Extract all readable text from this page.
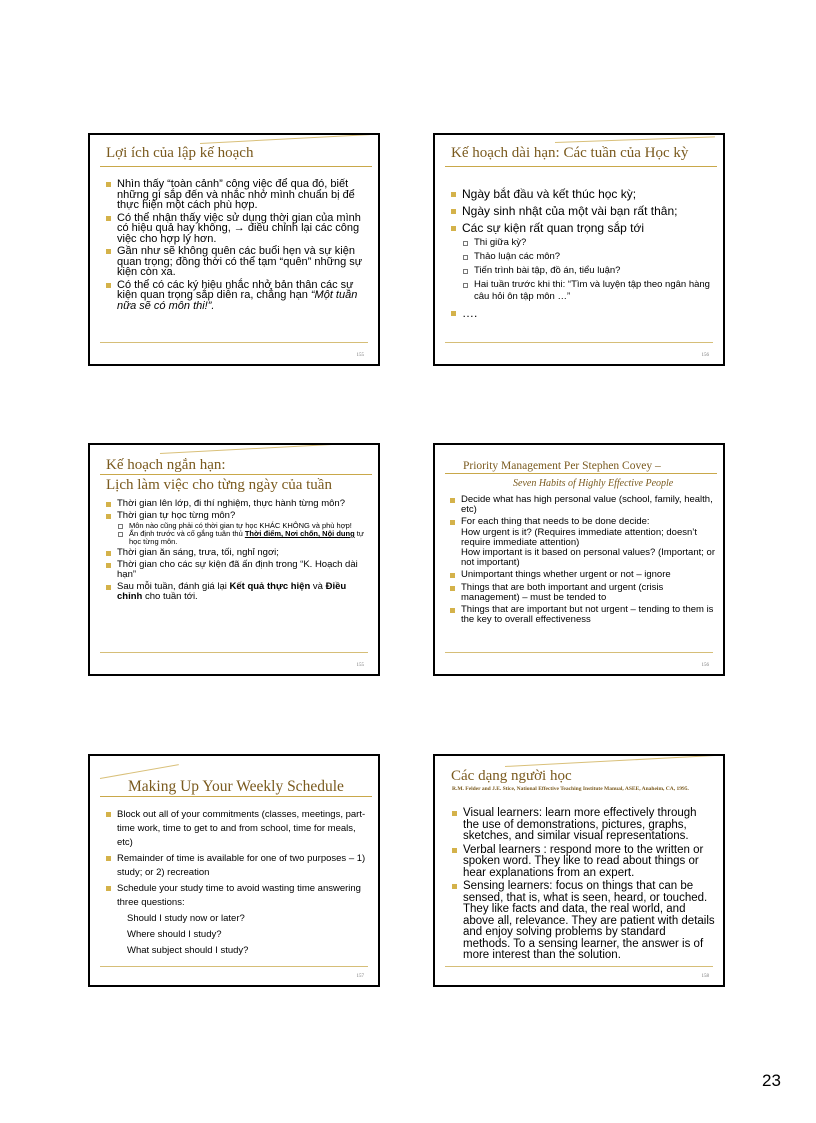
Lợi ích của lập kế hoạch
Nhìn thấy “toàn cảnh” công việc để qua đó, biết những gì sắp đến và nhắc nhở mình chuẩn bị để thực hiện một cách phù hợp.
Có thể nhận thấy việc sử dụng thời gian của mình có hiệu quả hay không, → điều chỉnh lại các công việc cho hợp lý hơn.
Gần như sẽ không quên các buổi hẹn và sự kiện quan trọng; đồng thời có thể tạm “quên” những sự kiện còn xa.
Có thể có các ký hiệu nhắc nhở bản thân các sự kiện quan trọng sắp diễn ra, chẳng hạn “Một tuần nữa sẽ có môn thi!”.
155
Kế hoạch dài hạn: Các tuần của Học kỳ
Ngày bắt đầu và kết thúc học kỳ;
Ngày sinh nhật của một vài bạn rất thân;
Các sự kiện rất quan trọng sắp tới
Thi giữa kỳ?
Thảo luận các môn?
Tiến trình bài tập, đồ án, tiểu luận?
Hai tuần trước khi thi: “Tìm và luyện tập theo ngân hàng câu hỏi ôn tập môn …”
….
156
Kế hoạch ngắn hạn:
Lịch làm việc cho từng ngày của tuần
Thời gian lên lớp, đi thí nghiệm, thực hành từng môn?
Thời gian tự học từng môn?
Môn nào cũng phải có thời gian tự học KHÁC KHÔNG và phù hợp!
Ấn định trước và cố gắng tuân thủ Thời điểm, Nơi chốn, Nội dung tự học từng môn.
Thời gian ăn sáng, trưa, tối, nghỉ ngơi;
Thời gian cho các sự kiện đã ấn định trong “K. Hoạch dài hạn”
Sau mỗi tuần, đánh giá lại Kết quả thực hiện và Điều chỉnh cho tuần tới.
155
Priority Management Per Stephen Covey –
Seven Habits of Highly Effective People
Decide what has high personal value (school, family, health, etc)
For each thing that needs to be done decide:
How urgent is it? (Requires immediate attention; doesn’t require immediate attention)
How important is it based on personal values? (Important; or not important)
Unimportant things whether urgent or not – ignore
Things that are both important and urgent (crisis management) – must be tended to
Things that are important but not urgent – tending to them is the key to overall effectiveness
156
Making Up Your Weekly Schedule
Block out all of your commitments (classes, meetings, part-time work, time to get to and from school, time for meals, etc)
Remainder of time is available for one of two purposes – 1) study; or 2) recreation
Schedule your study time to avoid wasting time answering three questions:
Should I study now or later?
Where should I study?
What subject should I study?
157
Các dạng người học
R.M. Felder and J.E. Stice, National Effective Teaching Institute Manual, ASEE, Anaheim, CA, 1995.
Visual learners: learn more effectively through the use of demonstrations, pictures, graphs, sketches, and similar visual representations.
Verbal learners : respond more to the written or spoken word. They like to read about things or hear explanations from an expert.
Sensing learners: focus on things that can be sensed, that is, what is seen, heard, or touched. They like facts and data, the real world, and above all, relevance. They are patient with details and enjoy solving problems by standard methods. To a sensing learner, the answer is of more interest than the solution.
158
23
